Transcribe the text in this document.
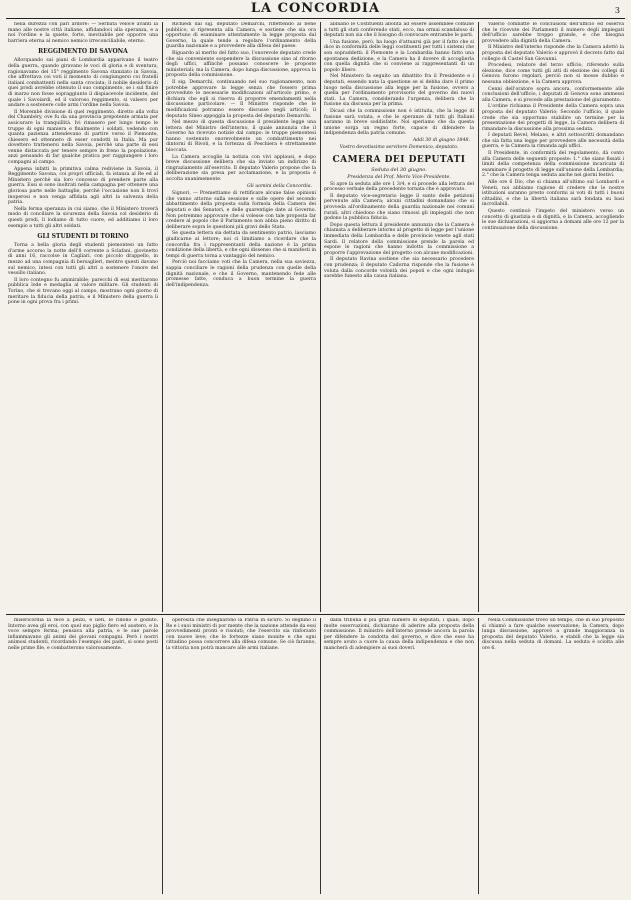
LA CONCORDIA	3

nella durezza con pari ardore: — Serbata veloce avanti la mano alle nostre città italiane, affidandoci alla speranza, e a noi l'ordine e la quiete, forte, inevitabile per opporre una barriera eterna al nemico nemico irreconciliabile, eterno.

REGGIMENTO DI SAVONA

Allorquando sui piani di Lombardia apparivano il teatro della guerra, quando giravano le voci di gloria e di sventura, ragionavamo del 15° reggimento Savona stanziato in Savoia, che affrettava coi voti il momento di congiungersi coi fratelli italiani combattenti nella santa crociata; il nobile desiderio di quei prodi avrebbe ottenuto il suo compimento, se i sul finire di marzo non fosse sopraggiunto il dispiacevole incidente, del quale i Savoiardi, ed il valoroso reggimento, si valsero per andare a sostenere colle armi l'ordine nella Savoia.

Il Morembè divisione di quel reggimento, diretto alla volta del Chambéry, ove fu da una provincia prepotente armata per assicurare la tranquillità. Ivi rimasero per lungo tempo le truppe di ogni maniera e finalmente i soldati, vedendo con quanta pazienza attendevano di partire verso il Piemonte, chiesero ed ottennero di esser condotti in Italia. Ma pur dovettero trattenersi nella Savoia, perchè una parte di essi venne distaccata per tenere sempre in freno la popolazione, anzi pensando di far qualche pratica per raggiungere i loro compagni al campo.

Appena infatti la primitiva calma rediviene in Savoia, il Reggimento Savona, coi propri ufficiali, fa istanza al Re ed al Ministero perchè sia loro concesso di prendere parte alla guerra. Essi si sono inoltrati nella campagna per ottenere una gloriosa parte nelle battaglie, perchè l'occasione non li trovi inoperosi e non venga affidata agli altri la salvezza della patria.

Nella ferma speranza in cui siamo, che il Ministero troverà modo di conciliare la sicurezza della Savoia col desiderio di questi prodi, li lodiamo di tutto cuore, ed additiamo il loro esempio a tutti gli altri soldati.

GLI STUDENTI DI TORINO

Torna a bella gloria degli studenti piemontesi un fatto d'arme accorso la notte dell'8 corrente a Sclafani, giovinetto di anni 16, raccolse in Cagliari, con piccolo drappello, in mezzo ad una compagnia di bersaglieri, mentre questi davano sul nemico, intesi con tutti gli altri a sostenere l'onore del vessillo italiano.

Il loro contegno fu ammirabile; parecchi di essi meritarono pubblica lode e medaglia al valore militare. Gli studenti di Torino, che si trovano oggi al campo, mostrano ogni giorno di meritare la fiducia della patria, e il Ministero della guerra li pone in ogni prova fra i primi.

Richiedi dal sig. deputato Demarchi, riflettendo al bene pubblico, si ripresenta alla Camera, e sostiene che sia ora opportuno di esaminare attentamente la legge proposta dal Governo, la quale tende a regolare l'ordinamento della guardia nazionale e a provvedere alla difesa del paese.

Riguardo al merito del fatto suo, l'onorevole deputato crede che sia conveniente sospendere la discussione sino al ritorno degli uffici, affinchè possano conoscere le proposte ministeriali; ma la Camera, dopo lunga discussione, approva la proposta della commissione.

Il sig. Demarchi, continuando nel suo ragionamento, non potrebbe approvare la legge senza che fossero prima provvedute le necessarie modificazioni all'articolo primo, e dichiara che egli si riserva di proporre emendamenti nella discussione particolare. — Il Ministro risponde che le modificazioni potranno essere discusse negli articoli; il deputato Sineo appoggia la proposta del deputato Demarchi.

Nel mezzo di questa discussione il presidente legge una lettera del Ministro dell'interno, il quale annunzia che il Governo ha ricevuto notizie dal campo: le truppe piemontesi hanno sostenuto onorevolmente un combattimento nei dintorni di Rivoli, e la fortezza di Peschiera è strettamente bloccata.

La Camera accoglie la notizia con vivi applausi, e dopo breve discussione delibera che sia inviato un indirizzo di ringraziamento all'esercito. Il deputato Valerio propone che la deliberazione sia presa per acclamazione, e la proposta è accolta unanimemente.

Gli uomini della Concordia.

Signori, — Premettiamo di rettificare alcune false opinioni che vanno attorno sulla sessione e sulle opere del secondo abbattimento della proposta sulla formola della Camera dei deputati e dei Senatori, e delle guarentigie date al Governo. Non potremmo approvare che si volesse con tale proposta far credere al popolo che il Parlamento non abbia pieno diritto di deliberare sopra le questioni più gravi dello Stato.

Se questa lettera sia dettata da sentimento patrio, lasciamo giudicarne al lettore; noi ci limitiamo a ricordare che la concordia fra i rappresentanti della nazione è la prima condizione della libertà, e che ogni dissenso che si manifesti in tempi di guerra torna a vantaggio del nemico.

Perciò noi facciamo voti che la Camera, nella sua saviezza, sappia conciliare le ragioni della prudenza con quelle della dignità nazionale, e che il Governo, mantenendo fede alle promesse fatte, conduca a buon termine la guerra dell'indipendenza.

abbiano le Costituenti abolita ad essere assemblee comune a tutti gli stati conferendo stati, ecco, ma ormai scandaloso di deputati non sia che il bisogno di convocare entrambe le parti.

Una fusione, però, ha luogo d'attuarsi già per il fatto che si dice in conformità delle leggi costituenti per tutti i sistemi che son sopraddetti: il Piemonte e la Lombardia hanno fatto una spontanea dedizione, e la Camera ha il dovere di accoglierla con quella dignità che si conviene ai rappresentanti di un popolo libero.

Nel Ministero fa seguito un dibattito fra il Presidente e i deputati, essendo nata la questione se si debba dare il primo luogo nella discussione alla legge per la fusione, ovvero a quella per l'ordinamento provvisorio del governo dei nuovi stati. La Camera, considerando l'urgenza, delibera che la fusione sia discussa per la prima.

Dicasi che la commissione non è istituita, che la legge di fusione sarà votata, e che le speranze di tutti gli Italiani saranno in breve soddisfatte. Noi speriamo che da questa unione sorga un regno forte, capace di difendere la indipendenza della patria comune.

Addì 30 di giugno 1848.

Vostro devotissimo servitore Domenico, deputato.

CAMERA DEI DEPUTATI

Seduta del 30 giugno.

Presidenza del Prof. Merlo Vice-Presidente.

Si apre la seduta alle ore 1 3/4, e si procede alla lettura del processo verbale della precedente tornata che è approvato.

Il deputato vice-segretario legge il sunto delle petizioni pervenute alla Camera; alcuni cittadini domandano che si provveda all'ordinamento della guardia nazionale nei comuni rurali; altri chiedono che siano rimossi gli impiegati che non godono la pubblica fiducia.

Dopo questa lettura il presidente annunzia che la Camera è chiamata a deliberare intorno al progetto di legge per l'unione immediata della Lombardia e delle provincie venete agli stati Sardi. Il relatore della commissione prende la parola ed espone le ragioni che hanno indotto la commissione a proporre l'approvazione del progetto con alcune modificazioni.

Il deputato Ravina sostiene che sia necessario procedere con prudenza; il deputato Cadorna risponde che la fusione è voluta dalla concorde volontà dei popoli e che ogni indugio sarebbe funesto alla causa italiana.

Valerio combatte le conclusioni dell'ufficio ed osserva che le ricevute dei Parlamenti il numero degli impiegati dell'ufficio sarebbe troppo grande, e che bisogna provvedere alla dignità della Camera.

Il Ministro dell'interno risponde che la Camera adottò la proposta del deputato Valerio e approvò il decreto fatto dal collegio di Castel San Giovanni.

Procedesi, relatore del terzo ufficio, riferendo sulla elezione, dice come tutti gli atti di elezione dei collegi di Genova furono regolari, perciò non si mosse dubbio e nessuna obbiezione, e la Camera approva.

Cenni dell'oratore sopra ancora, conformemente alle conclusioni dell'ufficio, i deputati di Genova sono ammessi alla Camera, e si procede alla prestazione del giuramento.

L'ordine richiama il Presidente della Camera sopra una proposta del deputato Valerio; Secondo l'ufficio, il quale crede che sia opportuno stabilire un termine per la presentazione dei progetti di legge, la Camera delibera di rimandare la discussione alla prossima seduta.

I deputati Revel, Melano, e altri sottoscritti domandano che sia fatta una legge per provvedere alle necessità della guerra, e la Camera la rimanda agli uffici.

Il Presidente, in conformità del regolamento, dà conto alla Camera delle seguenti proposte: 1.° che siano fissati i limiti della competenza della commissione incaricata di esaminare il progetto di legge sull'unione della Lombardia; 2.° che la Camera tenga seduta anche nei giorni festivi.

Alle ore 6 Dio, che si chiama all'ultimo sul Lombardi e Veneti, noi abbiamo ragione di credere che le nostre istituzioni saranno presto conformi ai voti di tutti i buoni cittadini, e che la libertà italiana sarà fondata su basi incrollabili.

Questo continuò l'impeto del ministero verso un concetto di giustizia e di dignità, e la Camera, accogliendo le sue dichiarazioni, si aggiorna a domani alle ore 12 per la continuazione della discussione.

misericordia la fece a pezzi, e lieti, le ridono e goduto. Intorno avea gli eroi, con quel suo piglio fiero ed austero, e la voce sempre ferma; pensava alla patria, e le sue parole infiammavano gli animi dei giovani compagni. Però i nostri animosi studenti, ricordando l'esempio dei padri, si sono posti nelle prime file, e combatterono valorosamente.

operosità che insegnarono la Patria in sicuro. Si degnino il Re e i suoi ministri di por mente che la nazione attende da essi provvedimenti pronti e risoluti; che l'esercito sia rinforzato con nuove leve; che le fortezze siano munite e che ogni cittadino possa concorrere alla difesa comune. Se ciò faranno, la vittoria non potrà mancare alle armi italiane.

dalla tribuna il più gran numero di deputati, i quali, dopo molte osservazioni, dichiarano di aderire alla proposta della commissione. Il ministro dell'interno prende ancora la parola per difendere la condotta del governo, e dice che esso ha sempre avuto a cuore la causa della indipendenza e che non mancherà di adempiere ai suoi doveri.

Nella Commissione trovò un tempo, che in suo proposito si chiamò a fare qualche osservazione; la Camera, dopo lunga discussione, approvò a grande maggioranza la proposta del deputato Valerio, e stabilì che la legge sia discussa nella seduta di domani. La seduta è sciolta alle ore 6.
